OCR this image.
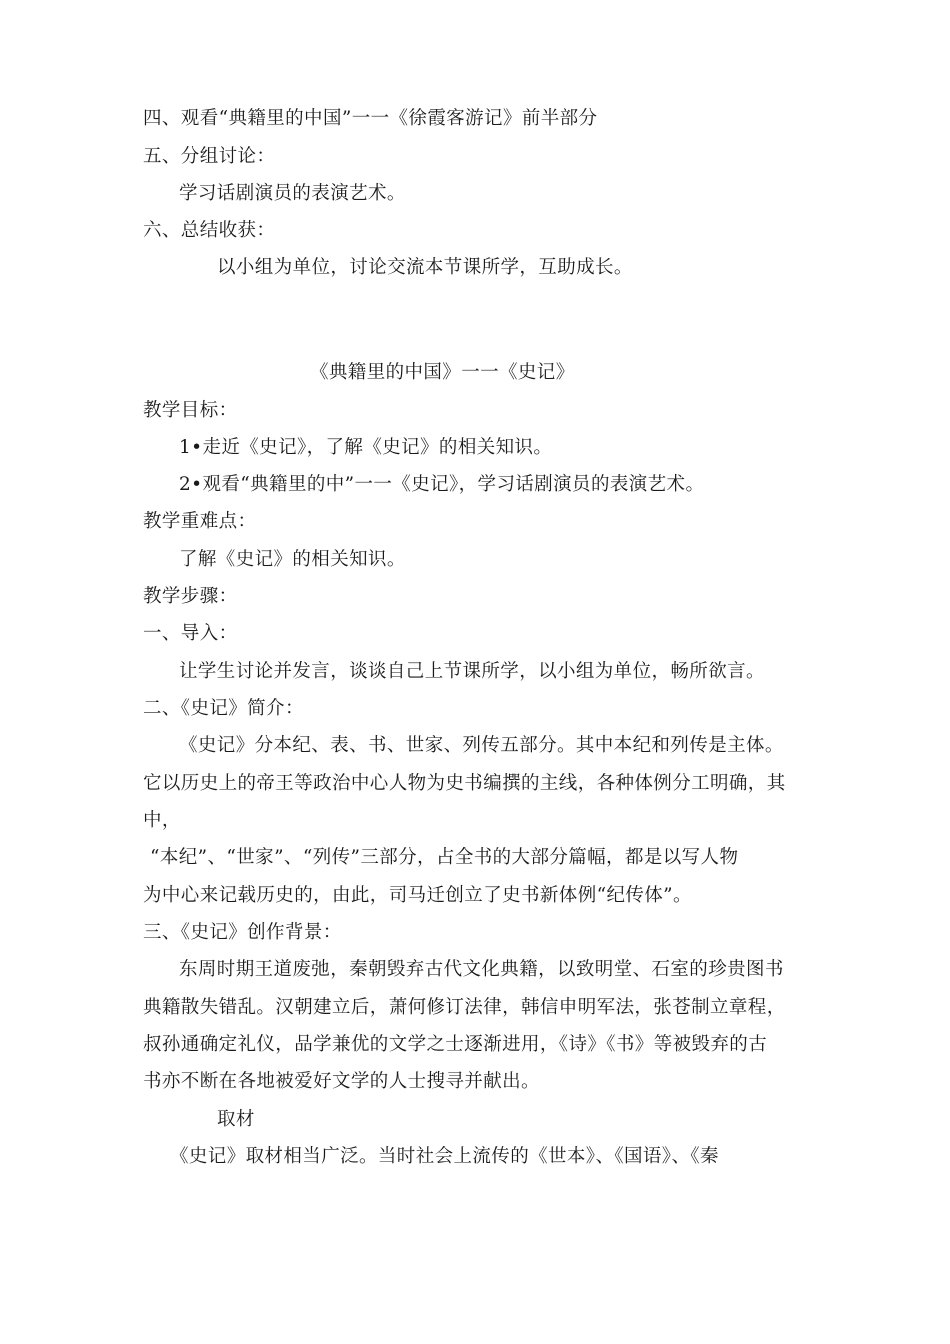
四、观看“典籍里的中国”一一《徐霞客游记》前半部分
五、分组讨论：
学习话剧演员的表演艺术。
六、总结收获：
以小组为单位，讨论交流本节课所学，互助成长。
《典籍里的中国》一一《史记》
教学目标：
1•走近《史记》，了解《史记》的相关知识。
2•观看“典籍里的中”一一《史记》，学习话剧演员的表演艺术。
教学重难点：
了解《史记》的相关知识。
教学步骤：
一、导入：
让学生讨论并发言，谈谈自己上节课所学，以小组为单位，畅所欲言。
二、《史记》简介：
《史记》分本纪、表、书、世家、列传五部分。其中本纪和列传是主体。
它以历史上的帝王等政治中心人物为史书编撰的主线，各种体例分工明确，其
中，
“本纪”、“世家”、“列传”三部分，占全书的大部分篇幅，都是以写人物
为中心来记载历史的，由此，司马迁创立了史书新体例“纪传体”。
三、《史记》创作背景：
东周时期王道废弛，秦朝毁弃古代文化典籍，以致明堂、石室的珍贵图书
典籍散失错乱。汉朝建立后，萧何修订法律，韩信申明军法，张苍制立章程，
叔孙通确定礼仪，品学兼优的文学之士逐渐进用，《诗》《书》等被毁弃的古
书亦不断在各地被爱好文学的人士搜寻并献出。
取材
《史记》取材相当广泛。当时社会上流传的《世本》、《国语》、《秦
